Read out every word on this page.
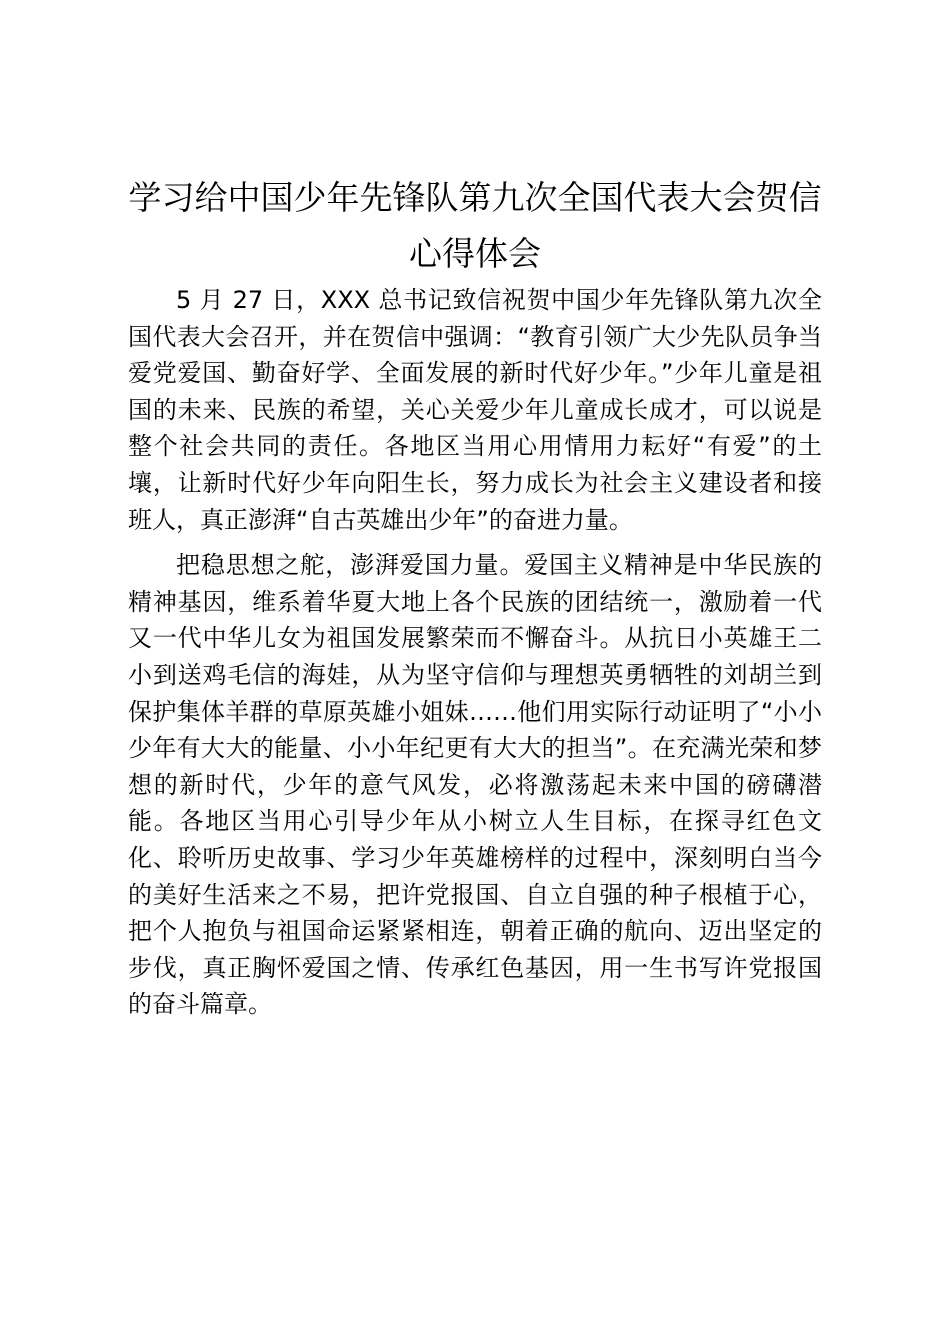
学习给中国少年先锋队第九次全国代表大会贺信心得体会

5 月 27 日，XXX 总书记致信祝贺中国少年先锋队第九次全国代表大会召开，并在贺信中强调：“教育引领广大少先队员争当爱党爱国、勤奋好学、全面发展的新时代好少年。”少年儿童是祖国的未来、民族的希望，关心关爱少年儿童成长成才，可以说是整个社会共同的责任。各地区当用心用情用力耘好“有爱”的土壤，让新时代好少年向阳生长，努力成长为社会主义建设者和接班人，真正澎湃“自古英雄出少年”的奋进力量。

把稳思想之舵，澎湃爱国力量。爱国主义精神是中华民族的精神基因，维系着华夏大地上各个民族的团结统一，激励着一代又一代中华儿女为祖国发展繁荣而不懈奋斗。从抗日小英雄王二小到送鸡毛信的海娃，从为坚守信仰与理想英勇牺牲的刘胡兰到保护集体羊群的草原英雄小姐妹……他们用实际行动证明了“小小少年有大大的能量、小小年纪更有大大的担当”。在充满光荣和梦想的新时代，少年的意气风发，必将激荡起未来中国的磅礴潜能。各地区当用心引导少年从小树立人生目标，在探寻红色文化、聆听历史故事、学习少年英雄榜样的过程中，深刻明白当今的美好生活来之不易，把许党报国、自立自强的种子根植于心，把个人抱负与祖国命运紧紧相连，朝着正确的航向、迈出坚定的步伐，真正胸怀爱国之情、传承红色基因，用一生书写许党报国的奋斗篇章。
